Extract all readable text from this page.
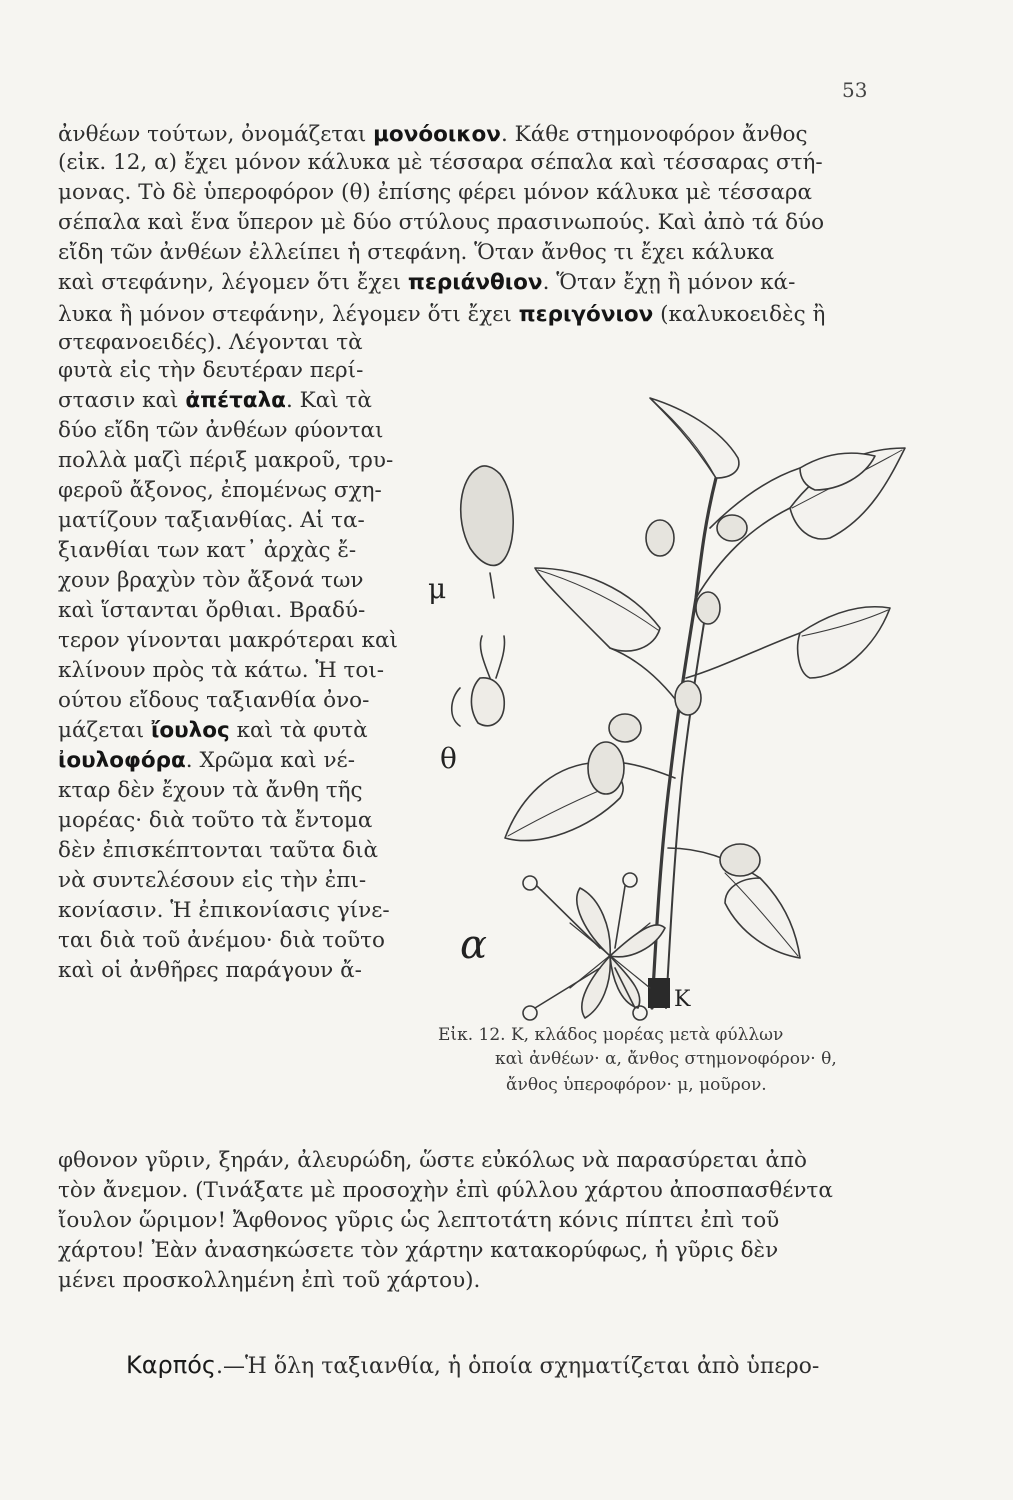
53
ἀνθέων τούτων, ὀνομάζεται μονόοικον. Κάθε στημονοφόρον ἄνθος
(εἰκ. 12, α) ἔχει μόνον κάλυκα μὲ τέσσαρα σέπαλα καὶ τέσσαρας στή-
μονας. Τὸ δὲ ὑπεροφόρον (θ) ἐπίσης φέρει μόνον κάλυκα μὲ τέσσαρα
σέπαλα καὶ ἕνα ὕπερον μὲ δύο στύλους πρασινωπούς. Καὶ ἀπὸ τά δύο
εἴδη τῶν ἀνθέων ἐλλείπει ἡ στεφάνη. Ὅταν ἄνθος τι ἔχει κάλυκα
καὶ στεφάνην, λέγομεν ὅτι ἔχει περιάνθιον. Ὅταν ἔχῃ ἢ μόνον κά-
λυκα ἢ μόνον στεφάνην, λέγομεν ὅτι ἔχει περιγόνιον (καλυκοειδὲς ἢ
στεφανοειδές). Λέγονται τὰ
φυτὰ εἰς τὴν δευτέραν περί-
στασιν καὶ ἀπέταλα. Καὶ τὰ
δύο εἴδη τῶν ἀνθέων φύονται
πολλὰ μαζὶ πέριξ μακροῦ, τρυ-
φεροῦ ἄξονος, ἐπομένως σχη-
ματίζουν ταξιανθίας. Αἱ τα-
ξιανθίαι των κατ᾽ ἀρχὰς ἔ-
χουν βραχὺν τὸν ἄξονά των
καὶ ἵστανται ὄρθιαι. Βραδύ-
τερον γίνονται μακρότεραι καὶ
κλίνουν πρὸς τὰ κάτω. Ἡ τοι-
ούτου εἴδους ταξιανθία ὀνο-
μάζεται ἴουλος καὶ τὰ φυτὰ
ἰουλοφόρα. Χρῶμα καὶ νέ-
κταρ δὲν ἔχουν τὰ ἄνθη τῆς
μορέας· διὰ τοῦτο τὰ ἔντομα
δὲν ἐπισκέπτονται ταῦτα διὰ
νὰ συντελέσουν εἰς τὴν ἐπι-
κονίασιν. Ἡ ἐπικονίασις γίνε-
ται διὰ τοῦ ἀνέμου· διὰ τοῦτο
καὶ οἱ ἀνθῆρες παράγουν ἄ-
φθονον γῦριν, ξηράν, ἀλευρώδη, ὥστε εὐκόλως νὰ παρασύρεται ἀπὸ
τὸν ἄνεμον. (Τινάξατε μὲ προσοχὴν ἐπὶ φύλλου χάρτου ἀποσπασθέντα
ἴουλον ὥριμον! Ἄφθονος γῦρις ὡς λεπτοτάτη κόνις πίπτει ἐπὶ τοῦ
χάρτου! Ἐὰν ἀνασηκώσετε τὸν χάρτην κατακορύφως, ἡ γῦρις δὲν
μένει προσκολλημένη ἐπὶ τοῦ χάρτου).
μ
θ
α
Κ
Εἰκ. 12. Κ, κλάδος μορέας μετὰ φύλλων
καὶ ἀνθέων· α, ἄνθος στημονοφόρον· θ,
ἄνθος ὑπεροφόρον· μ, μοῦρον.
Καρπός.—Ἡ ὅλη ταξιανθία, ἡ ὁποία σχηματίζεται ἀπὸ ὑπερο-
